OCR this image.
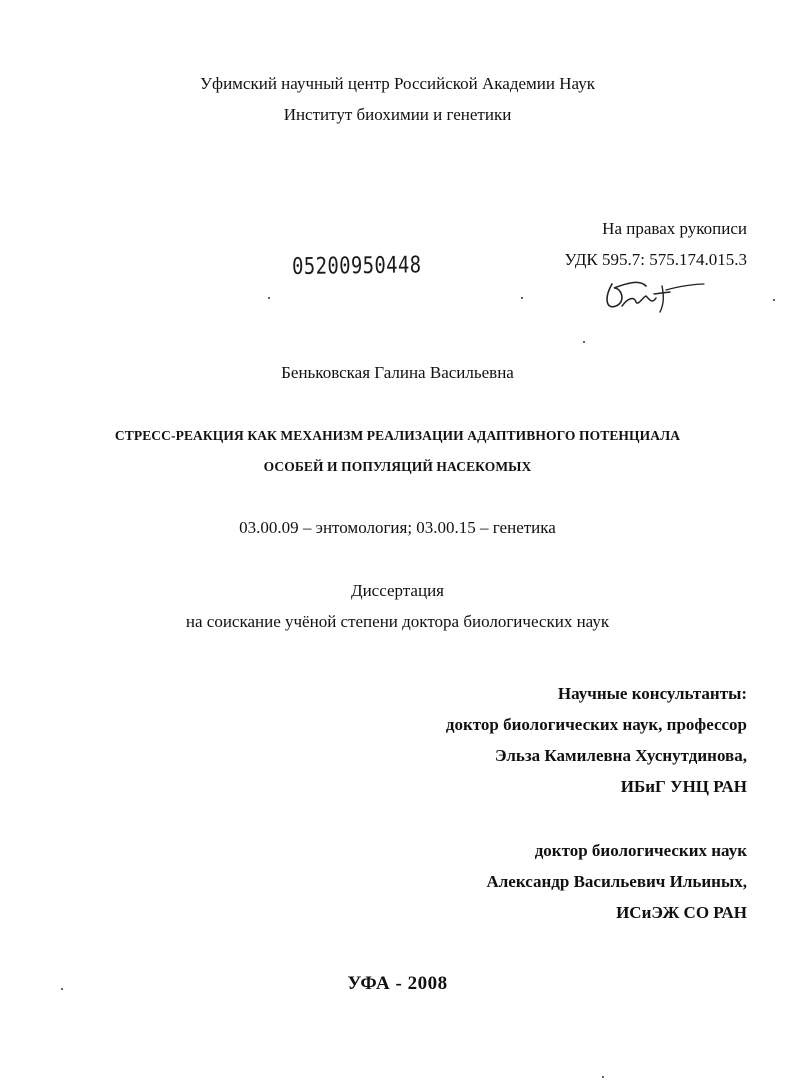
Уфимский научный центр Российской Академии Наук
Институт биохимии и генетики
На правах рукописи
УДК 595.7: 575.174.015.3
05200950448
Беньковская Галина Васильевна
СТРЕСС-РЕАКЦИЯ КАК МЕХАНИЗМ РЕАЛИЗАЦИИ АДАПТИВНОГО ПОТЕНЦИАЛА
ОСОБЕЙ И ПОПУЛЯЦИЙ НАСЕКОМЫХ
03.00.09 – энтомология; 03.00.15 – генетика
Диссертация
на соискание учёной степени доктора биологических наук
Научные консультанты:
доктор биологических наук, профессор
Эльза Камилевна Хуснутдинова,
ИБиГ УНЦ РАН
доктор биологических наук
Александр Васильевич Ильиных,
ИСиЭЖ СО РАН
УФА - 2008
